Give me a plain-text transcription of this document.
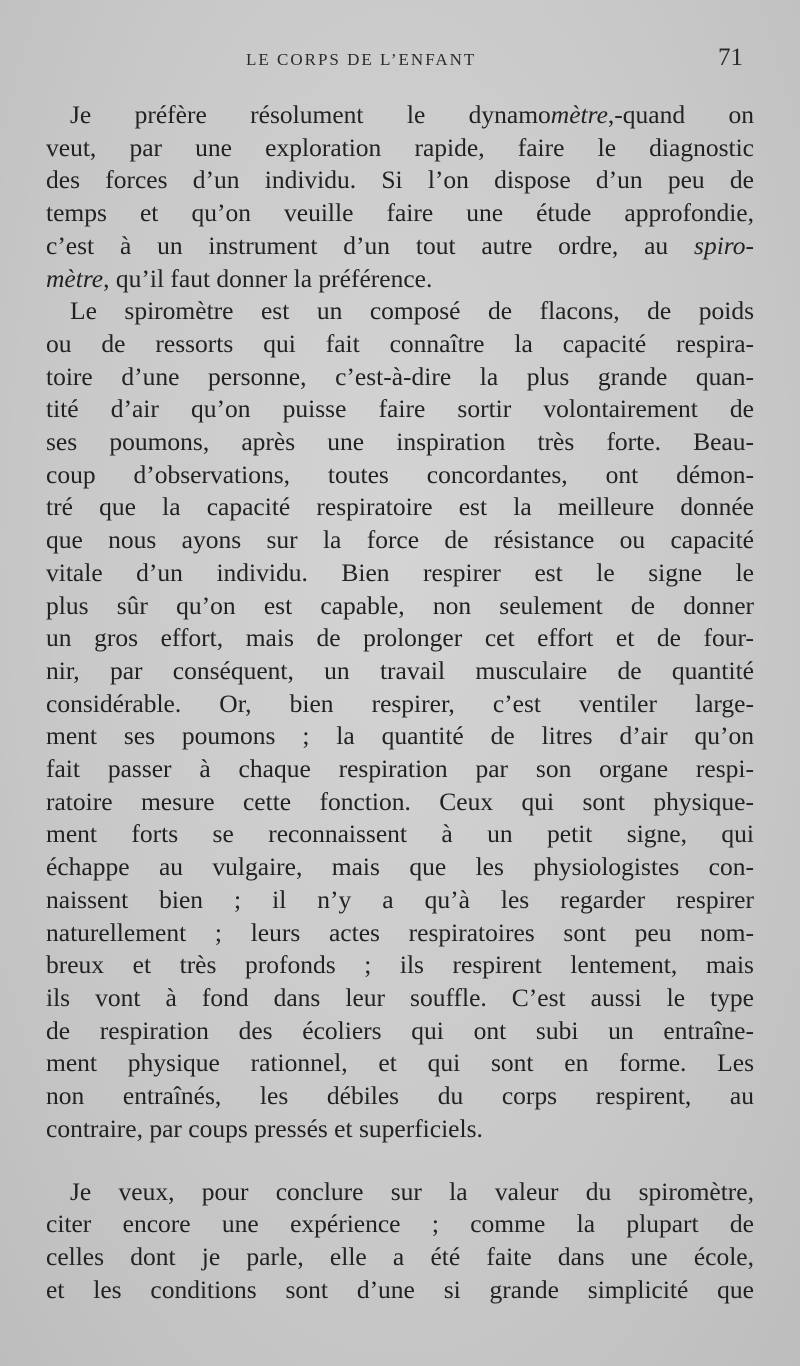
LE CORPS DE L’ENFANT	71

Je préfère résolument le dynamomètre,-quand on
veut, par une exploration rapide, faire le diagnostic
des forces d’un individu. Si l’on dispose d’un peu de
temps et qu’on veuille faire une étude approfondie,
c’est à un instrument d’un tout autre ordre, au spiro-
mètre, qu’il faut donner la préférence.

Le spiromètre est un composé de flacons, de poids
ou de ressorts qui fait connaître la capacité respira-
toire d’une personne, c’est-à-dire la plus grande quan-
tité d’air qu’on puisse faire sortir volontairement de
ses poumons, après une inspiration très forte. Beau-
coup d’observations, toutes concordantes, ont démon-
tré que la capacité respiratoire est la meilleure donnée
que nous ayons sur la force de résistance ou capacité
vitale d’un individu. Bien respirer est le signe le
plus sûr qu’on est capable, non seulement de donner
un gros effort, mais de prolonger cet effort et de four-
nir, par conséquent, un travail musculaire de quantité
considérable. Or, bien respirer, c’est ventiler large-
ment ses poumons ; la quantité de litres d’air qu’on
fait passer à chaque respiration par son organe respi-
ratoire mesure cette fonction. Ceux qui sont physique-
ment forts se reconnaissent à un petit signe, qui
échappe au vulgaire, mais que les physiologistes con-
naissent bien ; il n’y a qu’à les regarder respirer
naturellement ; leurs actes respiratoires sont peu nom-
breux et très profonds ; ils respirent lentement, mais
ils vont à fond dans leur souffle. C’est aussi le type
de respiration des écoliers qui ont subi un entraîne-
ment physique rationnel, et qui sont en forme. Les
non entraînés, les débiles du corps respirent, au
contraire, par coups pressés et superficiels.

Je veux, pour conclure sur la valeur du spiromètre,
citer encore une expérience ; comme la plupart de
celles dont je parle, elle a été faite dans une école,
et les conditions sont d’une si grande simplicité que
